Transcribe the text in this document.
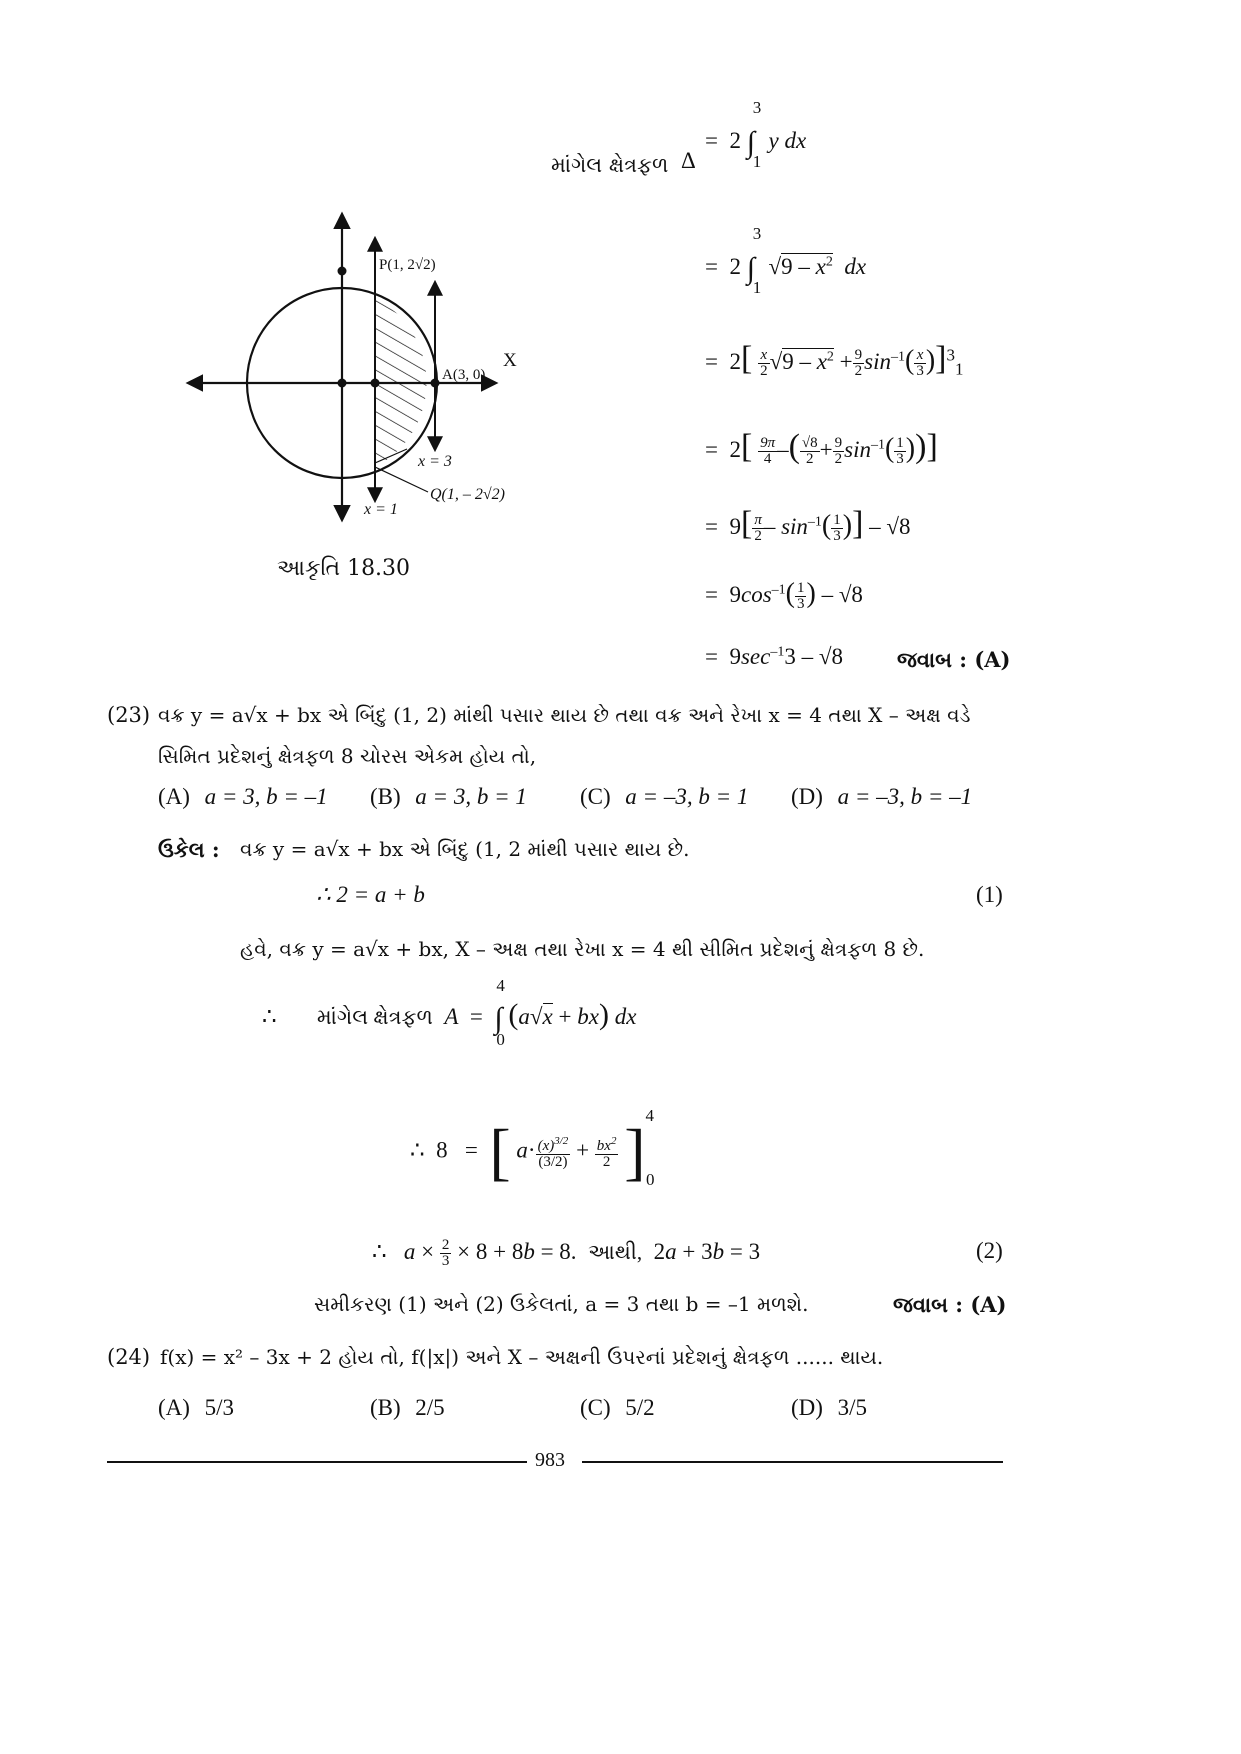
P(1, 2√2)
A(3, 0)
X
x = 3
Q(1, – 2√2)
x = 1
આકૃતિ 18.30
માંગેલ ક્ષેત્રફળ Δ
=  2
3
∫
1
y dx
=  2
3
∫
1
$√9 - x^2$  dx
=  $2[ \frac{x}{2} √9 - x^2 + \frac{9}{2} \sin^{-1}( \frac{x}{3} )]^3_1$
=  $2[ \frac{9\pi}{4}$ –( $\frac{√8}{2} + \frac{9}{2} \sin^{-1}( \frac{1}{3}$ ))]
=  $9[ \frac{\pi}{2} - \sin^{-1}( \frac{1}{3}$ )] – √8
=  $9\cos^{-1}( \frac{1}{3}$ ) – √8
=  $9\sec^{-1}3 - √8$	જવાબ : (A)
(23) વક્ર y = a√x + bx એ બિંદુ (1, 2) માંથી પસાર થાય છે તથા વક્ર અને રેખા x = 4 તથા X – અક્ષ વડે
સિમિત પ્રદેશનું ક્ષેત્રફળ 8 ચોરસ એકમ હોય તો,
(A) a = 3, b = –1 (B) a = 3, b = 1 (C) a = –3, b = 1 (D) a = –3, b = –1
ઉકેલ : વક્ર y = a√x + bx એ બિંદુ (1, 2 માંથી પસાર થાય છે.
∴ 2 = a + b	(1)
હવે, વક્ર y = a√x + bx, X – અક્ષ તથા રેખા x = 4 થી સીમિત પ્રદેશનું ક્ષેત્રફળ 8 છે.
∴ માંગેલ ક્ષેત્રફળ  A  =
4
∫
0
(a√x + bx) dx
∴  8   = [ $a\cdot \frac{(x)^{3/2}}{(3/2)} + \frac{bx^2}{2} ]^4_0$
∴   $a \times \frac{2}{3} \times 8 + 8b = 8$. આથી, 2a + 3b = 3	(2)
સમીકરણ (1) અને (2) ઉકેલતાં, a = 3 તથા b = –1 મળશે.	જવાબ : (A)
(24) f(x) = x² – 3x + 2 હોય તો, f(|x|) અને X – અક્ષની ઉપરનાં પ્રદેશનું ક્ષેત્રફળ ...... થાય.
(A) 5/3	(B) 2/5	(C) 5/2	(D) 3/5
983
